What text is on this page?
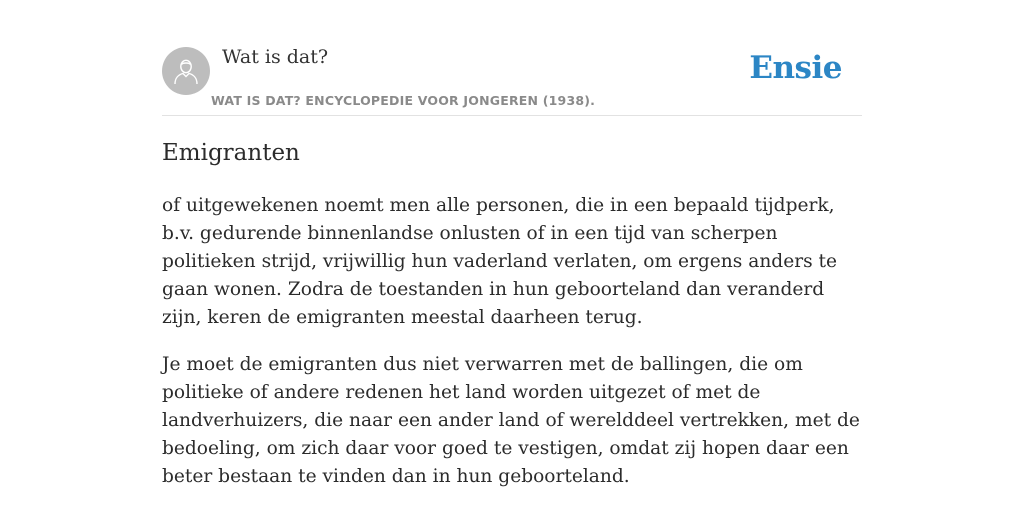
Wat is dat?
WAT IS DAT? ENCYCLOPEDIE VOOR JONGEREN (1938).
Ensie
Emigranten

of uitgewekenen noemt men alle personen, die in een bepaald tijdperk, b.v. gedurende binnenlandse onlusten of in een tijd van scherpen politieken strijd, vrijwillig hun vaderland verlaten, om ergens anders te gaan wonen. Zodra de toestanden in hun geboorteland dan veranderd zijn, keren de emigranten meestal daarheen terug.

Je moet de emigranten dus niet verwarren met de ballingen, die om politieke of andere redenen het land worden uitgezet of met de landverhuizers, die naar een ander land of werelddeel vertrekken, met de bedoeling, om zich daar voor goed te vestigen, omdat zij hopen daar een beter bestaan te vinden dan in hun geboorteland.
